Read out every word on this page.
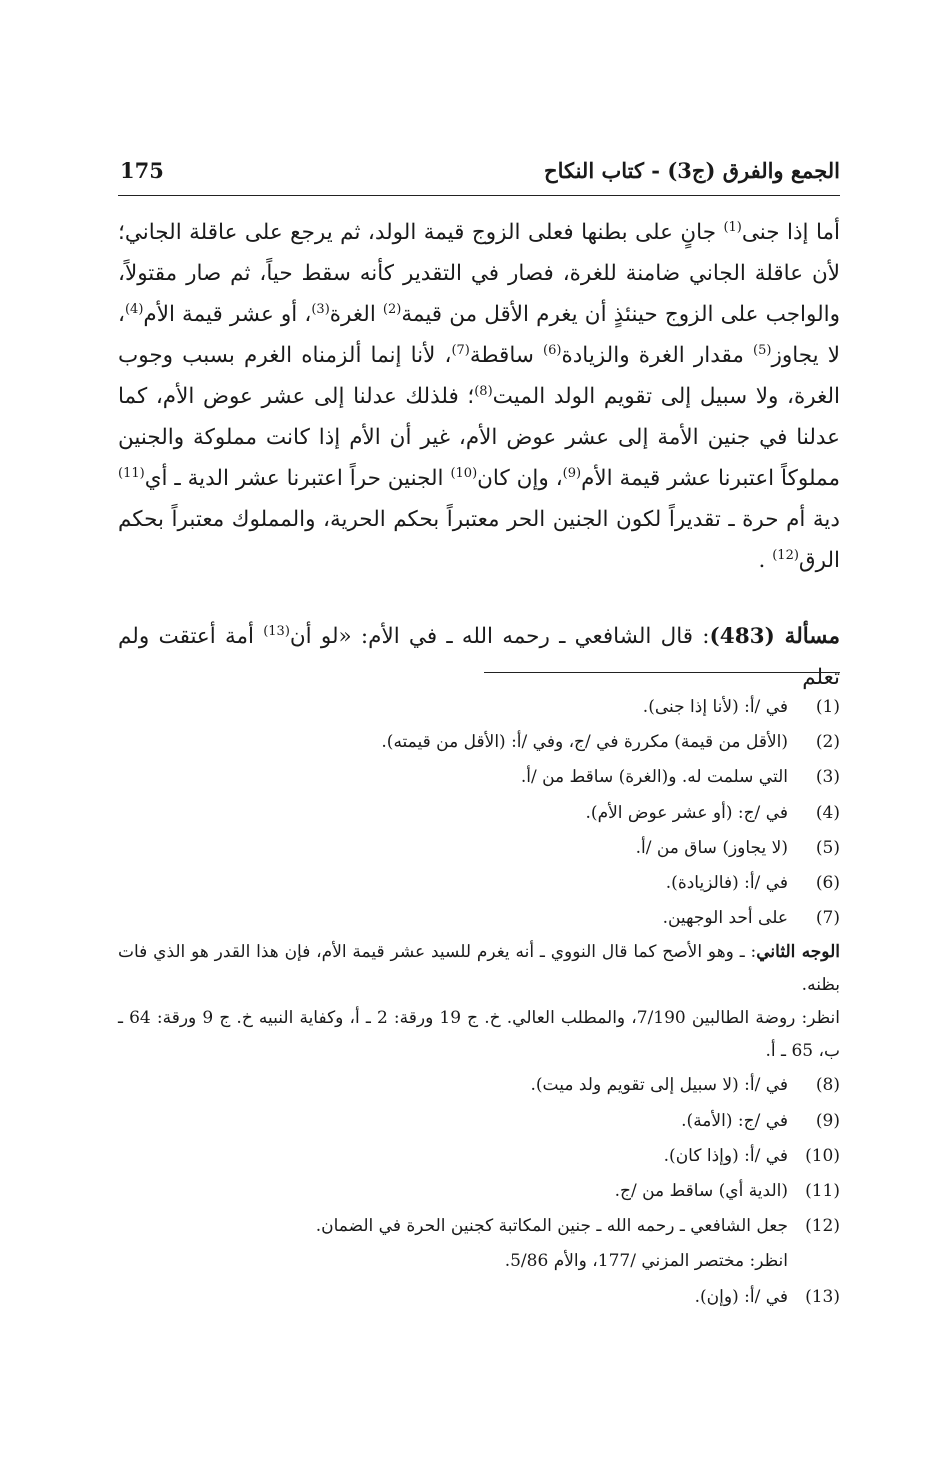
الجمع والفرق (ج3) - كتاب النكاح
175

أما إذا جنى$^{(1)}$ جانٍ على بطنها فعلى الزوج قيمة الولد، ثم يرجع على عاقلة الجاني؛ لأن عاقلة الجاني ضامنة للغرة، فصار في التقدير كأنه سقط حياً، ثم صار مقتولاً، والواجب على الزوج حينئذٍ أن يغرم الأقل من قيمة$^{(2)}$ الغرة$^{(3)}$، أو عشر قيمة الأم$^{(4)}$، لا يجاوز$^{(5)}$ مقدار الغرة والزيادة$^{(6)}$ ساقطة$^{(7)}$، لأنا إنما ألزمناه الغرم بسبب وجوب الغرة، ولا سبيل إلى تقويم الولد الميت$^{(8)}$؛ فلذلك عدلنا إلى عشر عوض الأم، كما عدلنا في جنين الأمة إلى عشر عوض الأم، غير أن الأم إذا كانت مملوكة والجنين مملوكاً اعتبرنا عشر قيمة الأم$^{(9)}$، وإن كان$^{(10)}$ الجنين حراً اعتبرنا عشر الدية ـ أي$^{(11)}$ دية أم حرة ـ تقديراً لكون الجنين الحر معتبراً بحكم الحرية، والمملوك معتبراً بحكم الرق$^{(12)}$ .

مسألة (483): قال الشافعي ـ رحمه الله ـ في الأم: «لو أن$^{(13)}$ أمة أعتقت ولم تعلم
(1)
في /أ: (لأنا إذا جنى).
(2)
(الأقل من قيمة) مكررة في /ج، وفي /أ: (الأقل من قيمته).
(3)
التي سلمت له. و(الغرة) ساقط من /أ.
(4)
في /ج: (أو عشر عوض الأم).
(5)
(لا يجاوز) ساق من /أ.
(6)
في /أ: (فالزيادة).
(7)
على أحد الوجهين.
الوجه الثاني: ـ وهو الأصح كما قال النووي ـ أنه يغرم للسيد عشر قيمة الأم، فإن هذا القدر هو الذي فات بظنه.
انظر: روضة الطالبين 7/190، والمطلب العالي. خ. ج 19 ورقة: 2 ـ أ، وكفاية النبيه خ. ج 9 ورقة: 64 ـ ب، 65 ـ أ.
(8)
في /أ: (لا سبيل إلى تقويم ولد ميت).
(9)
في /ج: (الأمة).
(10)
في /أ: (وإذا كان).
(11)
(الدية أي) ساقط من /ج.
(12)
جعل الشافعي ـ رحمه الله ـ جنين المكاتبة كجنين الحرة في الضمان.
انظر: مختصر المزني /177، والأم 5/86.
(13)
في /أ: (وإن).
